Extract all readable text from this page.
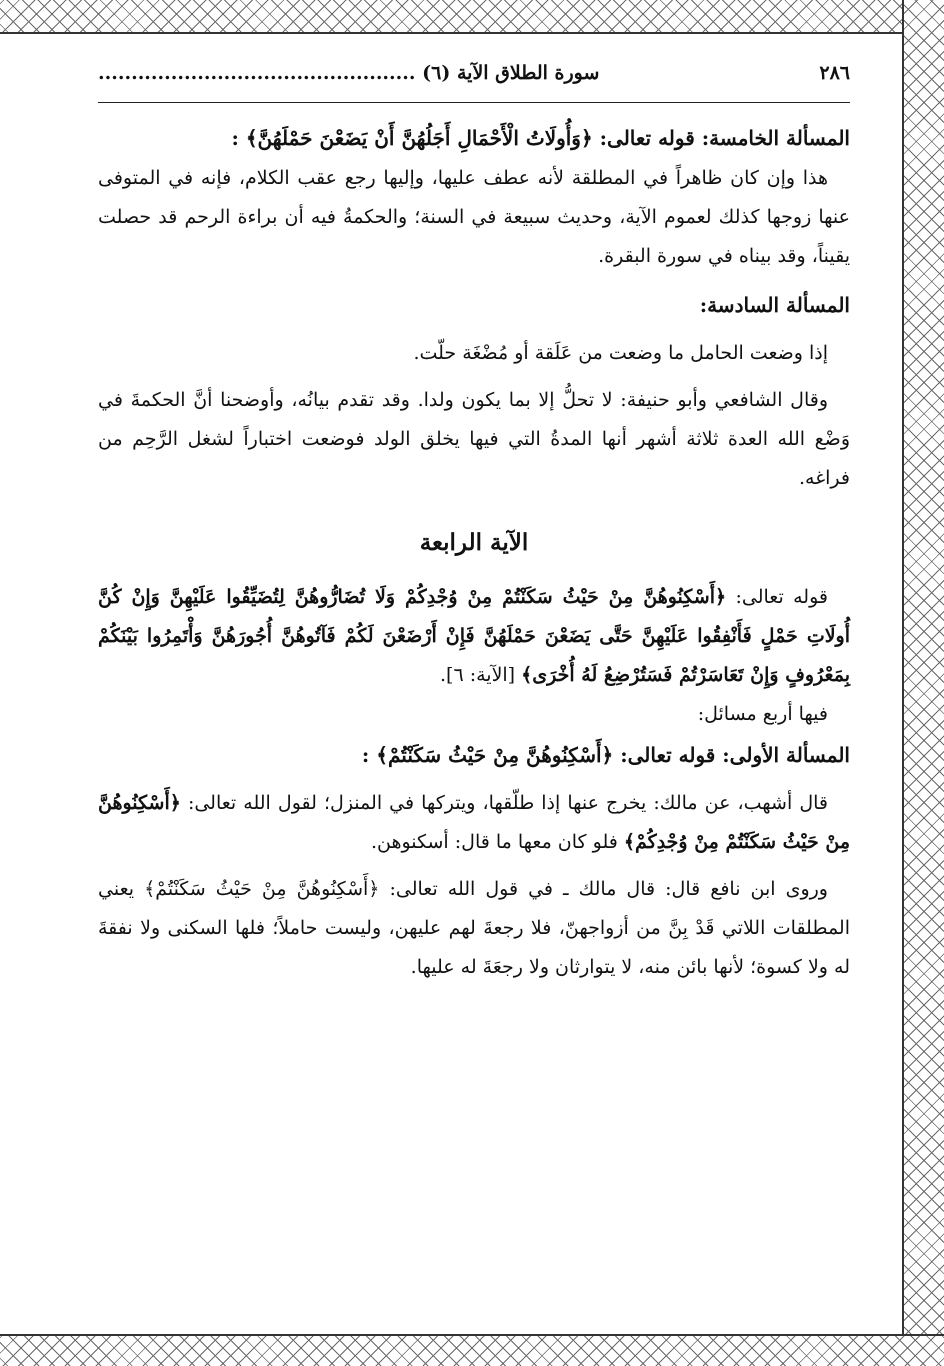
٢٨٦
سورة الطلاق الآية (٦) ................................................

المسألة الخامسة: قوله تعالى: ﴿وَأُولَاتُ الْأَحْمَالِ أَجَلُهُنَّ أَنْ يَضَعْنَ حَمْلَهُنَّ﴾ :

هذا وإن كان ظاهراً في المطلقة لأنه عطف عليها، وإليها رجع عقب الكلام، فإنه في المتوفى عنها زوجها كذلك لعموم الآية، وحديث سبيعة في السنة؛ والحكمةُ فيه أن براءة الرحم قد حصلت يقيناً، وقد بيناه في سورة البقرة.

المسألة السادسة:

إذا وضعت الحامل ما وضعت من عَلَقة أو مُضْغَة حلّت.

وقال الشافعي وأبو حنيفة: لا تحلُّ إلا بما يكون ولدا. وقد تقدم بيانُه، وأوضحنا أنَّ الحكمةَ في وَضْع الله العدة ثلاثة أشهر أنها المدةُ التي فيها يخلق الولد فوضعت اختباراً لشغل الرَّحِم من فراغه.

الآية الرابعة

قوله تعالى: ﴿أَسْكِنُوهُنَّ مِنْ حَيْثُ سَكَنْتُمْ مِنْ وُجْدِكُمْ وَلَا تُضَارُّوهُنَّ لِتُضَيِّقُوا عَلَيْهِنَّ وَإِنْ كُنَّ أُولَاتِ حَمْلٍ فَأَنْفِقُوا عَلَيْهِنَّ حَتَّى يَضَعْنَ حَمْلَهُنَّ فَإِنْ أَرْضَعْنَ لَكُمْ فَآتُوهُنَّ أُجُورَهُنَّ وَأْتَمِرُوا بَيْنَكُمْ بِمَعْرُوفٍ وَإِنْ تَعَاسَرْتُمْ فَسَتُرْضِعُ لَهُ أُخْرَى﴾ [الآية: ٦].

فيها أربع مسائل:

المسألة الأولى: قوله تعالى: ﴿أَسْكِنُوهُنَّ مِنْ حَيْثُ سَكَنْتُمْ﴾ :

قال أشهب، عن مالك: يخرج عنها إذا طلّقها، ويتركها في المنزل؛ لقول الله تعالى: ﴿أَسْكِنُوهُنَّ مِنْ حَيْثُ سَكَنْتُمْ مِنْ وُجْدِكُمْ﴾ فلو كان معها ما قال: أسكنوهن.

وروى ابن نافع قال: قال مالك ـ في قول الله تعالى: ﴿أَسْكِنُوهُنَّ مِنْ حَيْثُ سَكَنْتُمْ﴾ يعني المطلقات اللاتي قَدْ بِنَّ من أزواجهنّ، فلا رجعةَ لهم عليهن، وليست حاملاً؛ فلها السكنى ولا نفقةَ له ولا كسوة؛ لأنها بائن منه، لا يتوارثان ولا رجعَةَ له عليها.
